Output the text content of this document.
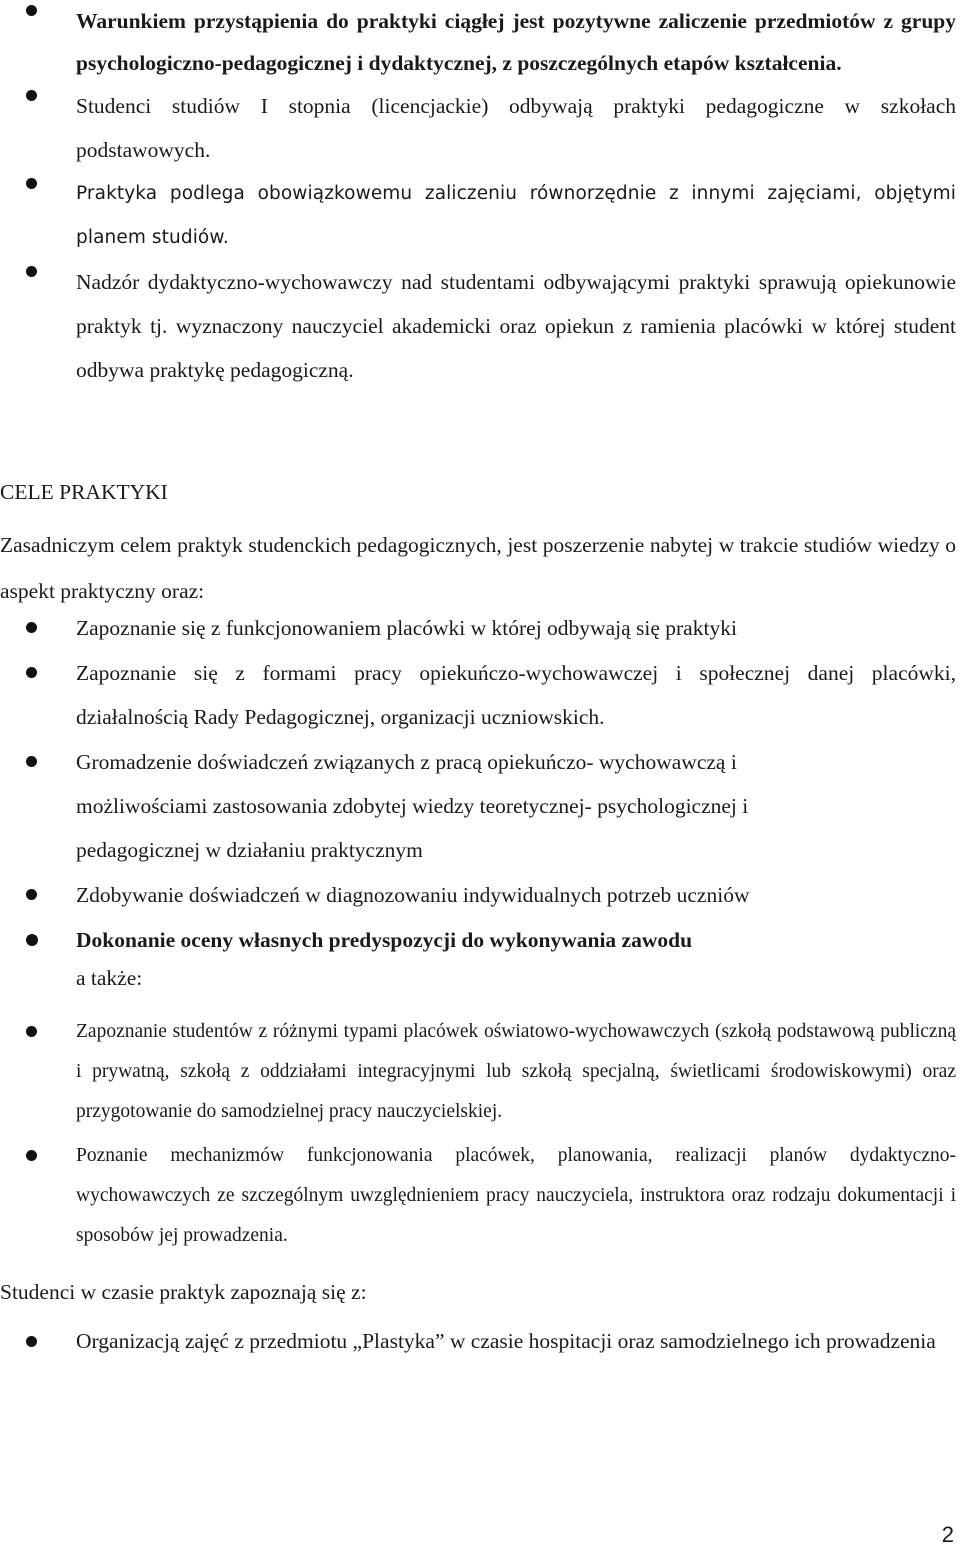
Warunkiem przystąpienia do praktyki ciągłej jest pozytywne zaliczenie przedmiotów z grupy psychologiczno-pedagogicznej i dydaktycznej, z poszczególnych etapów kształcenia.
Studenci studiów I stopnia (licencjackie) odbywają praktyki pedagogiczne w szkołach podstawowych.
Praktyka podlega obowiązkowemu zaliczeniu równorzędnie z innymi zajęciami, objętymi planem studiów.
Nadzór dydaktyczno-wychowawczy nad studentami odbywającymi praktyki sprawują opiekunowie praktyk tj. wyznaczony nauczyciel akademicki oraz opiekun z ramienia placówki w której student odbywa praktykę pedagogiczną.
CELE PRAKTYKI
Zasadniczym celem praktyk studenckich pedagogicznych, jest poszerzenie nabytej w trakcie studiów wiedzy o aspekt praktyczny oraz:
Zapoznanie się z funkcjonowaniem placówki w której odbywają się praktyki
Zapoznanie się z formami pracy opiekuńczo-wychowawczej i społecznej danej placówki, działalnością Rady Pedagogicznej, organizacji uczniowskich.
Gromadzenie doświadczeń związanych z pracą opiekuńczo- wychowawczą i możliwościami zastosowania zdobytej wiedzy teoretycznej- psychologicznej i pedagogicznej w działaniu praktycznym
Zdobywanie doświadczeń w diagnozowaniu indywidualnych potrzeb uczniów
Dokonanie oceny własnych predyspozycji do wykonywania zawodu
a także:
Zapoznanie studentów z różnymi typami placówek oświatowo-wychowawczych (szkołą podstawową publiczną i prywatną, szkołą z oddziałami integracyjnymi lub szkołą specjalną, świetlicami środowiskowymi) oraz przygotowanie do samodzielnej pracy nauczycielskiej.
Poznanie mechanizmów funkcjonowania placówek, planowania, realizacji planów dydaktyczno-wychowawczych ze szczególnym uwzględnieniem pracy nauczyciela, instruktora oraz rodzaju dokumentacji i sposobów jej prowadzenia.
Studenci w czasie praktyk zapoznają się z:
Organizacją zajęć z przedmiotu „Plastyka” w czasie hospitacji oraz samodzielnego ich prowadzenia
2
